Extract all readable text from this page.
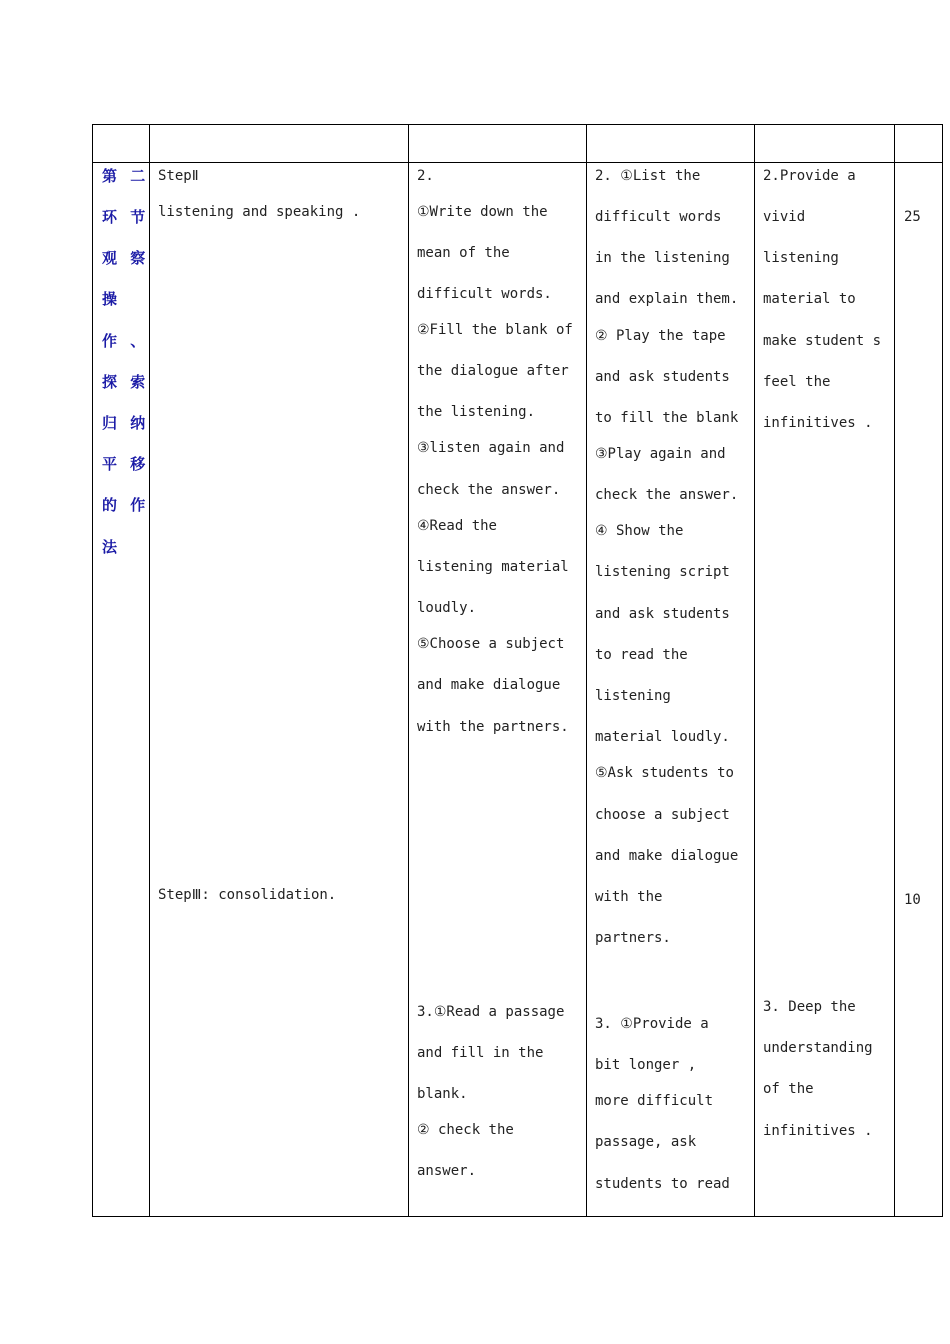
第 二
环 节
观 察
操
作 、
探 索
归 纳
平 移
的 作
法
StepⅡ
listening and speaking .
StepⅢ: consolidation.
2.
①Write down the
mean of the
difficult words.
②Fill the blank of
the dialogue after
the listening.
③listen again and
check the answer.
④Read the
listening material
loudly.
⑤Choose a subject
and make dialogue
with the partners.
3.①Read a passage
and fill in the
blank.
② check the
answer.
2. ①List the
difficult words
in the listening
and explain them.
② Play the tape
and ask students
to fill the blank
③Play again and
check the answer.
④ Show the
listening script
and ask students
to read the
listening
material loudly.
⑤Ask students to
choose a subject
and make dialogue
with the
partners.
3. ①Provide a
bit longer ,
more difficult
passage, ask
students to read
2.Provide a
vivid
listening
material to
make student s
feel the
infinitives .
3. Deep the
understanding
of the
infinitives .
25
10
